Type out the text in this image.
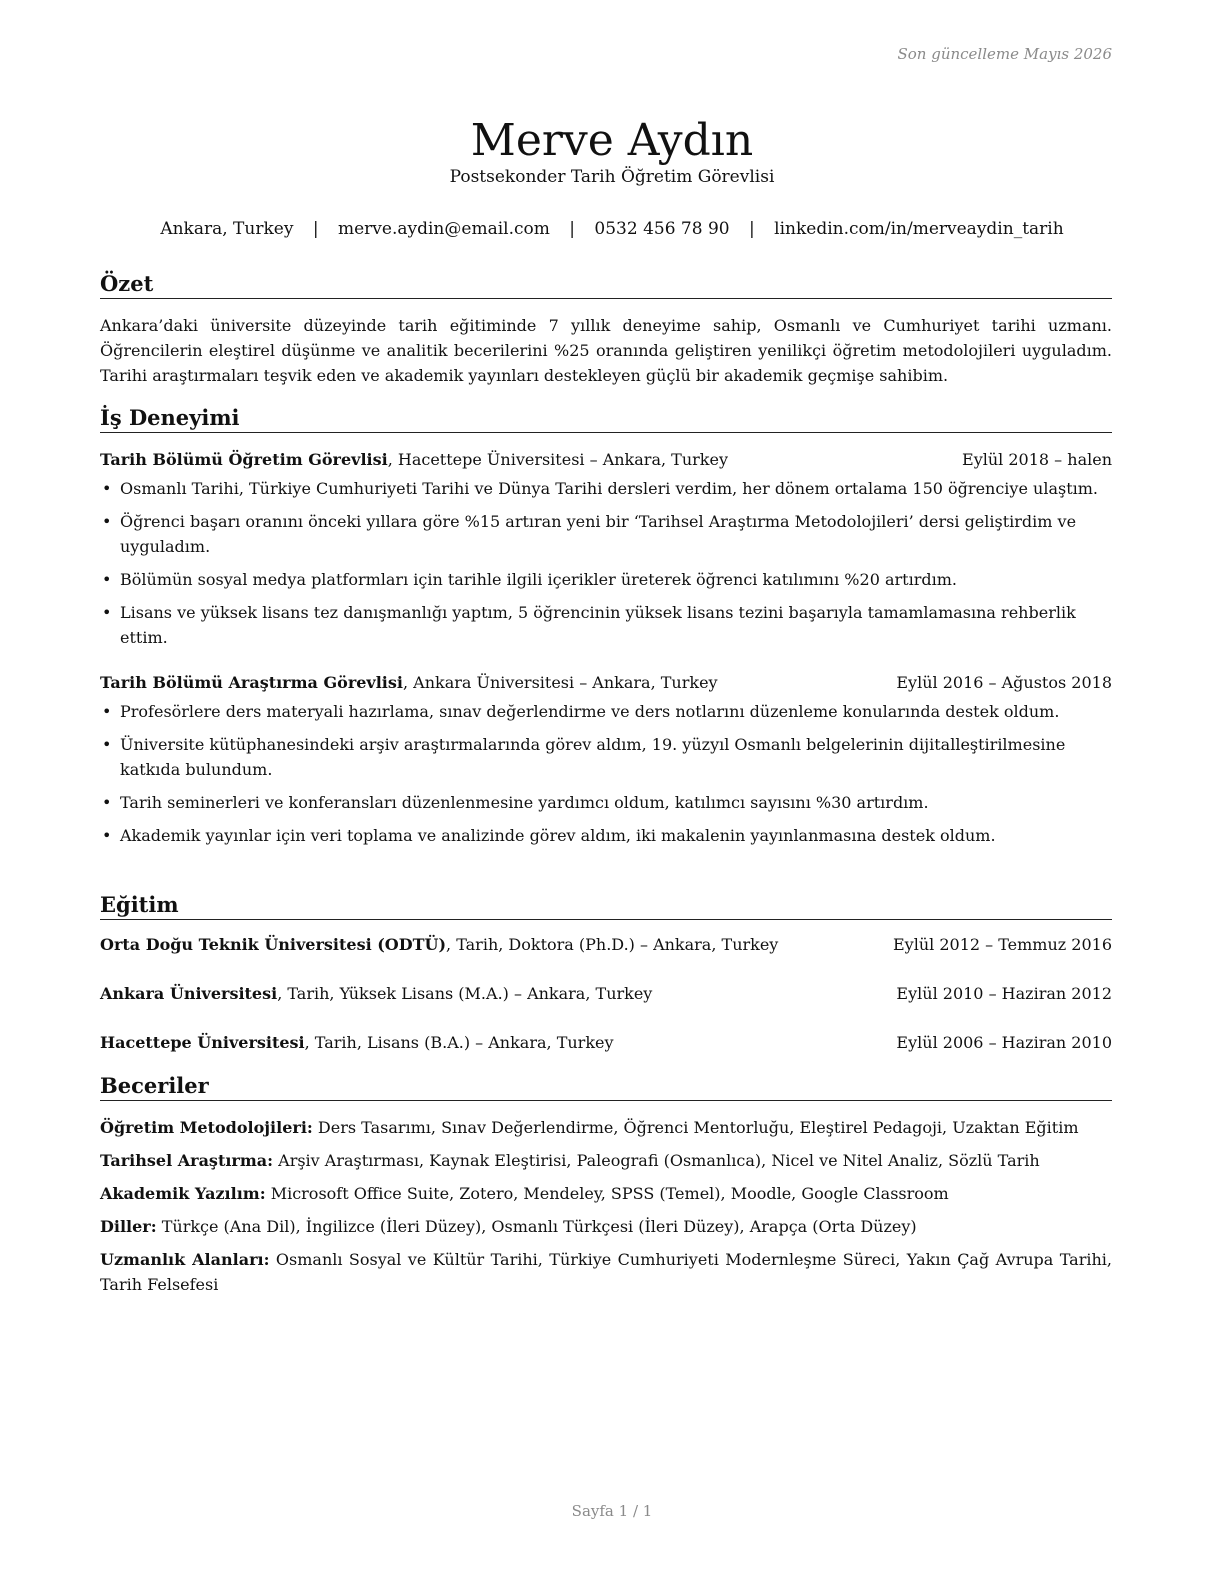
Son güncelleme Mayıs 2026
Merve Aydın
Postsekonder Tarih Öğretim Görevlisi
Ankara, Turkey | merve.aydin@email.com | 0532 456 78 90 | linkedin.com/in/merveaydin_tarih
Özet
Ankara’daki üniversite düzeyinde tarih eğitiminde 7 yıllık deneyime sahip, Osmanlı ve Cumhuriyet tarihi uzmanı. Öğrencilerin eleştirel düşünme ve analitik becerilerini %25 oranında geliştiren yenilikçi öğretim metodolojileri uyguladım. Tarihi araştırmaları teşvik eden ve akademik yayınları destekleyen güçlü bir akademik geçmişe sahibim.
İş Deneyimi
Tarih Bölümü Öğretim Görevlisi, Hacettepe Üniversitesi – Ankara, Turkey	Eylül 2018 – halen
• Osmanlı Tarihi, Türkiye Cumhuriyeti Tarihi ve Dünya Tarihi dersleri verdim, her dönem ortalama 150 öğrenciye ulaştım.
• Öğrenci başarı oranını önceki yıllara göre %15 artıran yeni bir ‘Tarihsel Araştırma Metodolojileri’ dersi geliştirdim ve uyguladım.
• Bölümün sosyal medya platformları için tarihle ilgili içerikler üreterek öğrenci katılımını %20 artırdım.
• Lisans ve yüksek lisans tez danışmanlığı yaptım, 5 öğrencinin yüksek lisans tezini başarıyla tamamlamasına rehberlik ettim.
Tarih Bölümü Araştırma Görevlisi, Ankara Üniversitesi – Ankara, Turkey	Eylül 2016 – Ağustos 2018
• Profesörlere ders materyali hazırlama, sınav değerlendirme ve ders notlarını düzenleme konularında destek oldum.
• Üniversite kütüphanesindeki arşiv araştırmalarında görev aldım, 19. yüzyıl Osmanlı belgelerinin dijitalleştirilmesine katkıda bulundum.
• Tarih seminerleri ve konferansları düzenlenmesine yardımcı oldum, katılımcı sayısını %30 artırdım.
• Akademik yayınlar için veri toplama ve analizinde görev aldım, iki makalenin yayınlanmasına destek oldum.
Eğitim
Orta Doğu Teknik Üniversitesi (ODTÜ), Tarih, Doktora (Ph.D.) – Ankara, Turkey	Eylül 2012 – Temmuz 2016
Ankara Üniversitesi, Tarih, Yüksek Lisans (M.A.) – Ankara, Turkey	Eylül 2010 – Haziran 2012
Hacettepe Üniversitesi, Tarih, Lisans (B.A.) – Ankara, Turkey	Eylül 2006 – Haziran 2010
Beceriler
Öğretim Metodolojileri: Ders Tasarımı, Sınav Değerlendirme, Öğrenci Mentorluğu, Eleştirel Pedagoji, Uzaktan Eğitim
Tarihsel Araştırma: Arşiv Araştırması, Kaynak Eleştirisi, Paleografi (Osmanlıca), Nicel ve Nitel Analiz, Sözlü Tarih
Akademik Yazılım: Microsoft Office Suite, Zotero, Mendeley, SPSS (Temel), Moodle, Google Classroom
Diller: Türkçe (Ana Dil), İngilizce (İleri Düzey), Osmanlı Türkçesi (İleri Düzey), Arapça (Orta Düzey)
Uzmanlık Alanları: Osmanlı Sosyal ve Kültür Tarihi, Türkiye Cumhuriyeti Modernleşme Süreci, Yakın Çağ Avrupa Tarihi, Tarih Felsefesi
Sayfa 1 / 1
